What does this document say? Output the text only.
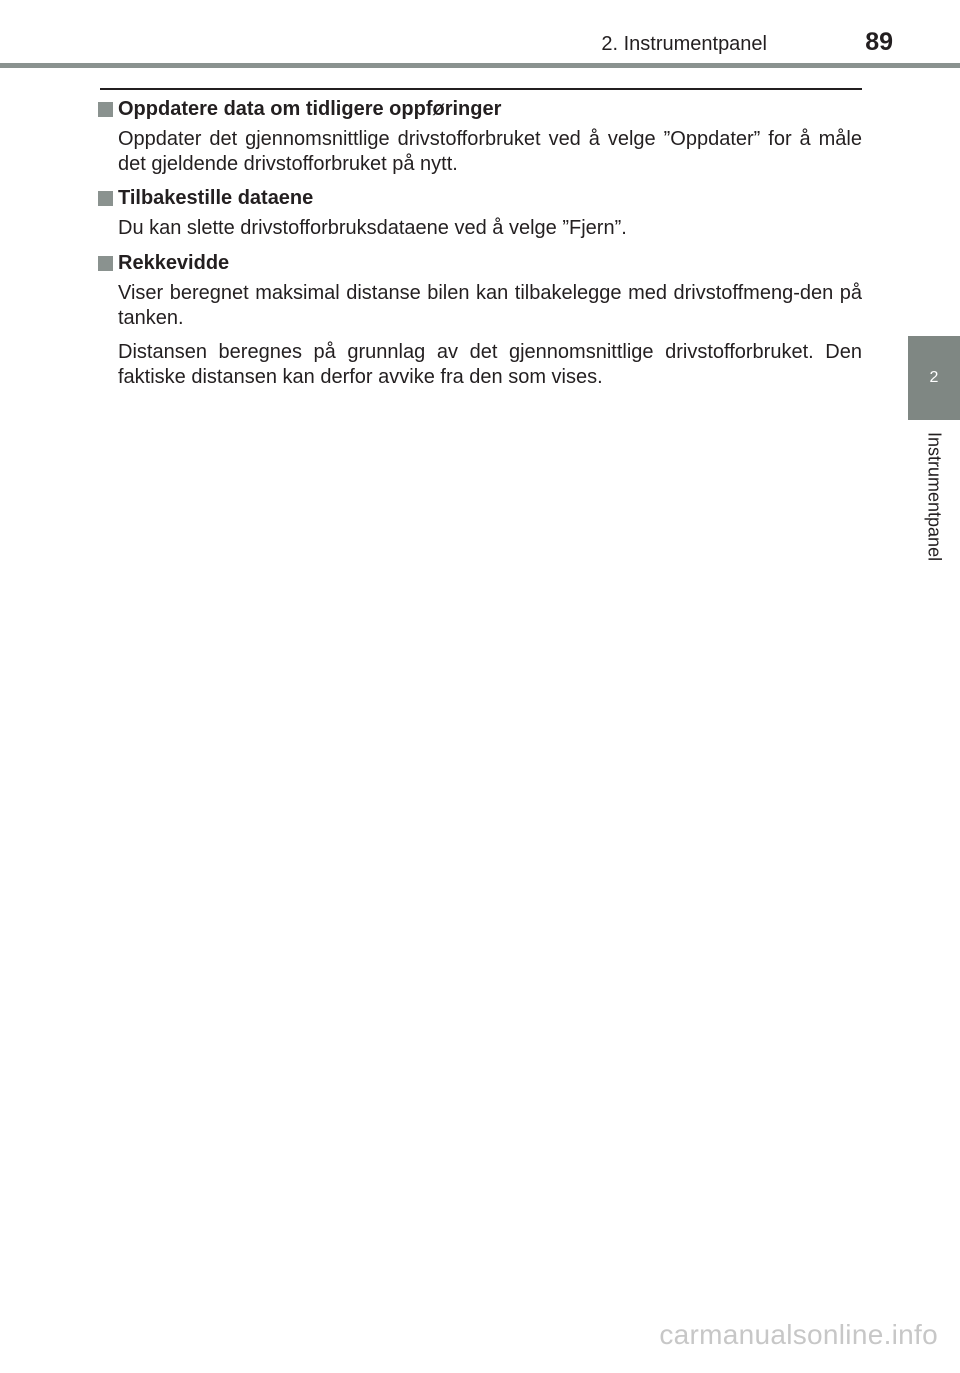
2. Instrumentpanel	89
2
Instrumentpanel
Oppdatere data om tidligere oppføringer

Oppdater det gjennomsnittlige drivstofforbruket ved å velge ”Oppdater” for å måle det gjeldende drivstofforbruket på nytt.

Tilbakestille dataene

Du kan slette drivstofforbruksdataene ved å velge ”Fjern”.

Rekkevidde

Viser beregnet maksimal distanse bilen kan tilbakelegge med drivstoffmeng-den på tanken.

Distansen beregnes på grunnlag av det gjennomsnittlige drivstofforbruket. Den faktiske distansen kan derfor avvike fra den som vises.

carmanualsonline.info
